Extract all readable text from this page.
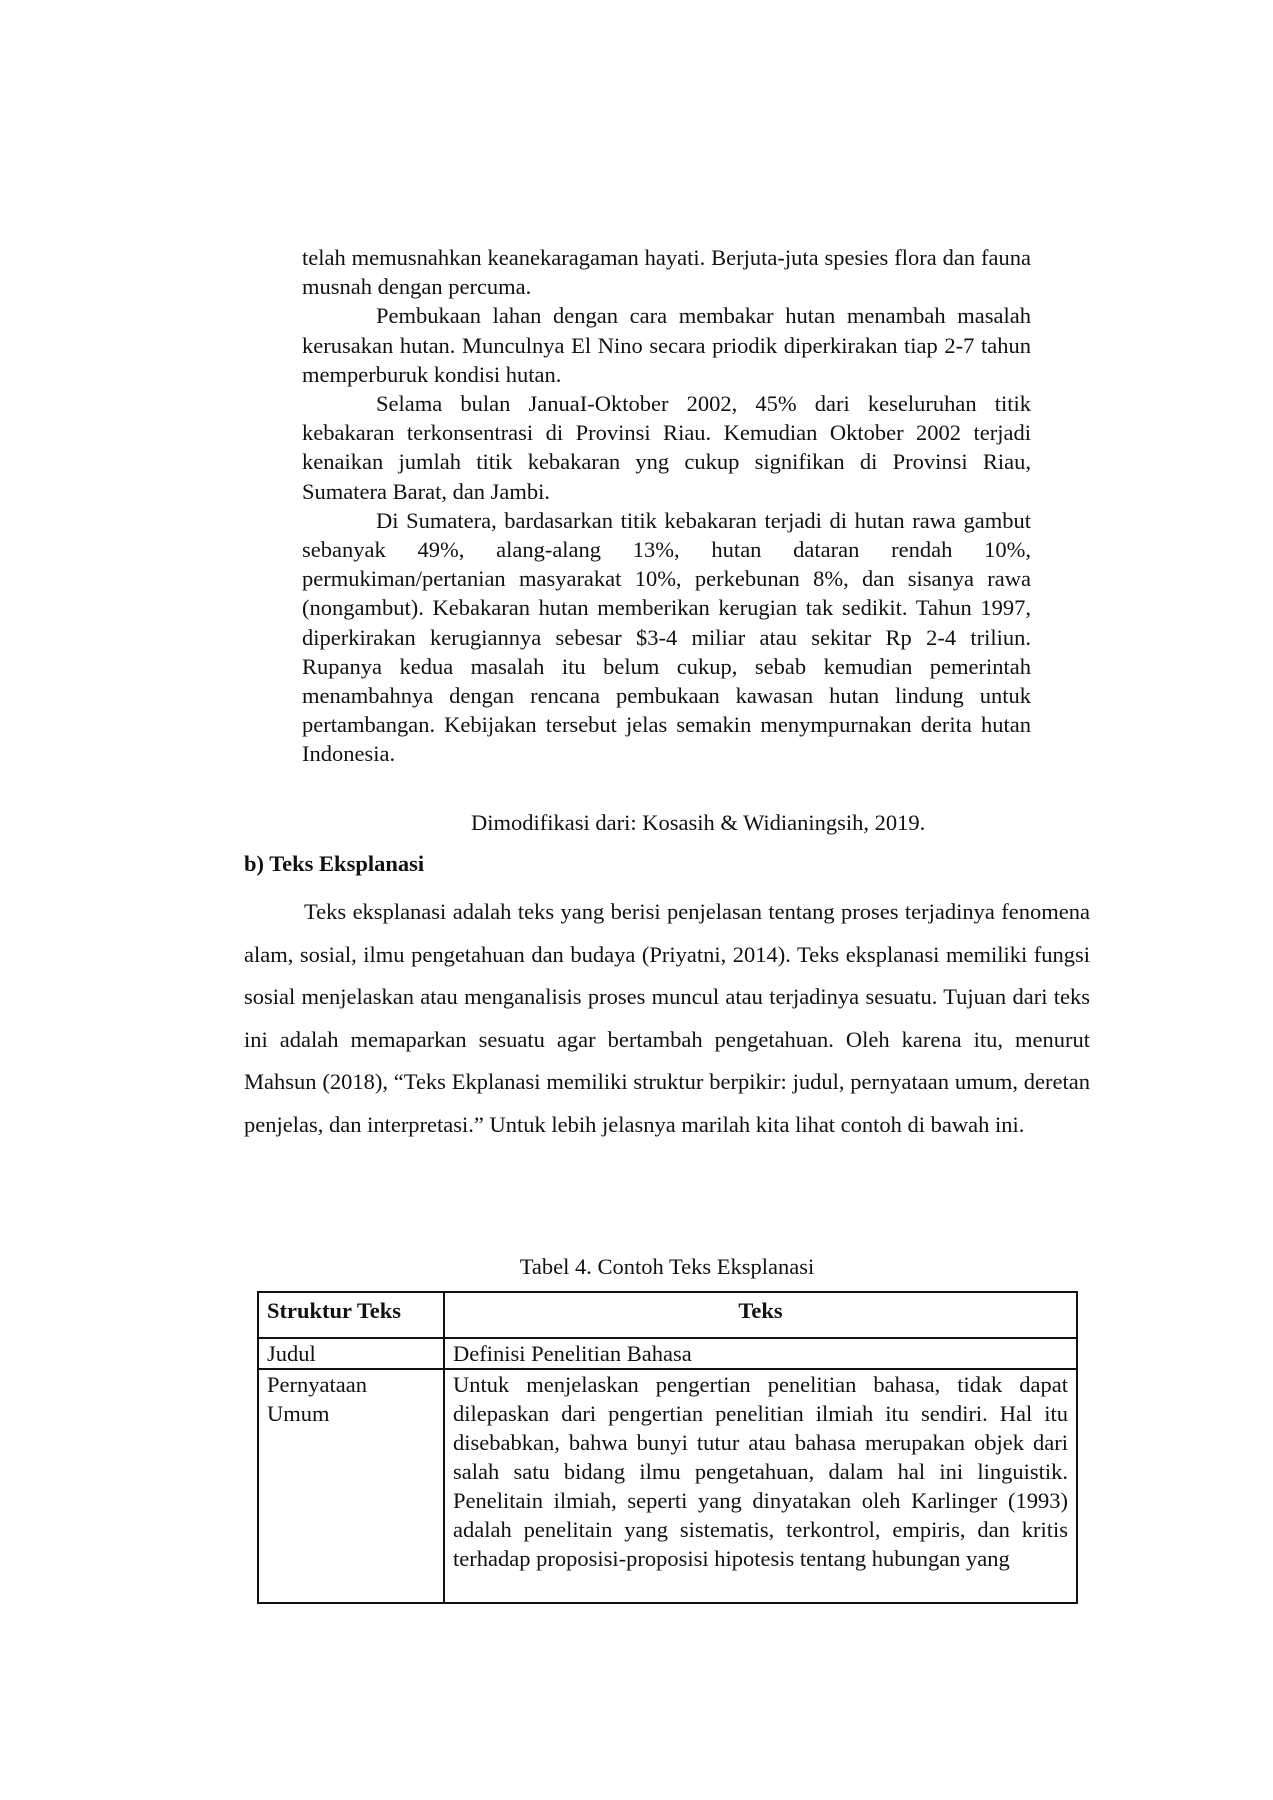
telah memusnahkan keanekaragaman hayati. Berjuta-juta spesies flora dan fauna musnah dengan percuma.

Pembukaan lahan dengan cara membakar hutan menambah masalah kerusakan hutan. Munculnya El Nino secara priodik diperkirakan tiap 2-7 tahun memperburuk kondisi hutan.

Selama bulan JanuaI-Oktober 2002, 45% dari keseluruhan titik kebakaran terkonsentrasi di Provinsi Riau. Kemudian Oktober 2002 terjadi kenaikan jumlah titik kebakaran yng cukup signifikan di Provinsi Riau, Sumatera Barat, dan Jambi.

Di Sumatera, bardasarkan titik kebakaran terjadi di hutan rawa gambut sebanyak 49%, alang-alang 13%, hutan dataran rendah 10%, permukiman/pertanian masyarakat 10%, perkebunan 8%, dan sisanya rawa (nongambut). Kebakaran hutan memberikan kerugian tak sedikit. Tahun 1997, diperkirakan kerugiannya sebesar $3-4 miliar atau sekitar Rp 2-4 triliun. Rupanya kedua masalah itu belum cukup, sebab kemudian pemerintah menambahnya dengan rencana pembukaan kawasan hutan lindung untuk pertambangan. Kebijakan tersebut jelas semakin menympurnakan derita hutan Indonesia.

Dimodifikasi dari: Kosasih & Widianingsih, 2019.
b) Teks Eksplanasi

Teks eksplanasi adalah teks yang berisi penjelasan tentang proses terjadinya fenomena alam, sosial, ilmu pengetahuan dan budaya (Priyatni, 2014). Teks eksplanasi memiliki fungsi sosial menjelaskan atau menganalisis proses muncul atau terjadinya sesuatu. Tujuan dari teks ini adalah memaparkan sesuatu agar bertambah pengetahuan. Oleh karena itu, menurut Mahsun (2018), “Teks Ekplanasi memiliki struktur berpikir: judul, pernyataan umum, deretan penjelas, dan interpretasi.” Untuk lebih jelasnya marilah kita lihat contoh di bawah ini.

Tabel 4. Contoh Teks Eksplanasi
Struktur Teks	Teks
Judul	Definisi Penelitian Bahasa
Pernyataan Umum	Untuk menjelaskan pengertian penelitian bahasa, tidak dapat dilepaskan dari pengertian penelitian ilmiah itu sendiri. Hal itu disebabkan, bahwa bunyi tutur atau bahasa merupakan objek dari salah satu bidang ilmu pengetahuan, dalam hal ini linguistik. Penelitain ilmiah, seperti yang dinyatakan oleh Karlinger (1993) adalah penelitain yang sistematis, terkontrol, empiris, dan kritis terhadap proposisi-proposisi hipotesis tentang hubungan yang
